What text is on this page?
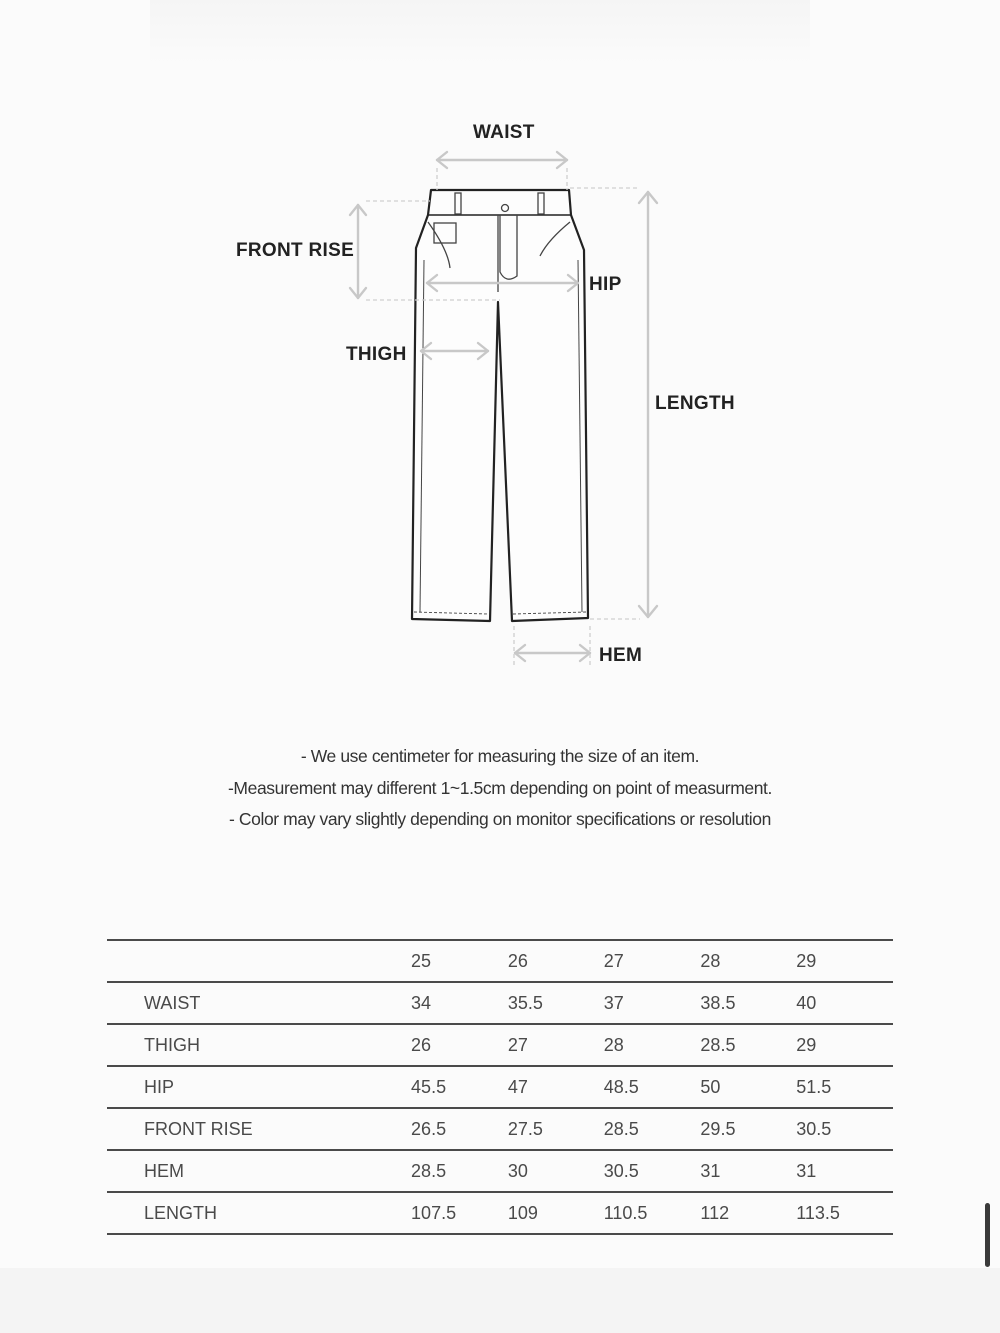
WAIST
FRONT RISE
HIP
THIGH
LENGTH
HEM
- We use centimeter for measuring the size of an item.
-Measurement may different 1~1.5cm depending on point of measurment.
- Color may vary slightly depending on monitor specifications or resolution
	25	26	27	28	29
WAIST	34	35.5	37	38.5	40
THIGH	26	27	28	28.5	29
HIP	45.5	47	48.5	50	51.5
FRONT RISE	26.5	27.5	28.5	29.5	30.5
HEM	28.5	30	30.5	31	31
LENGTH	107.5	109	110.5	112	113.5
